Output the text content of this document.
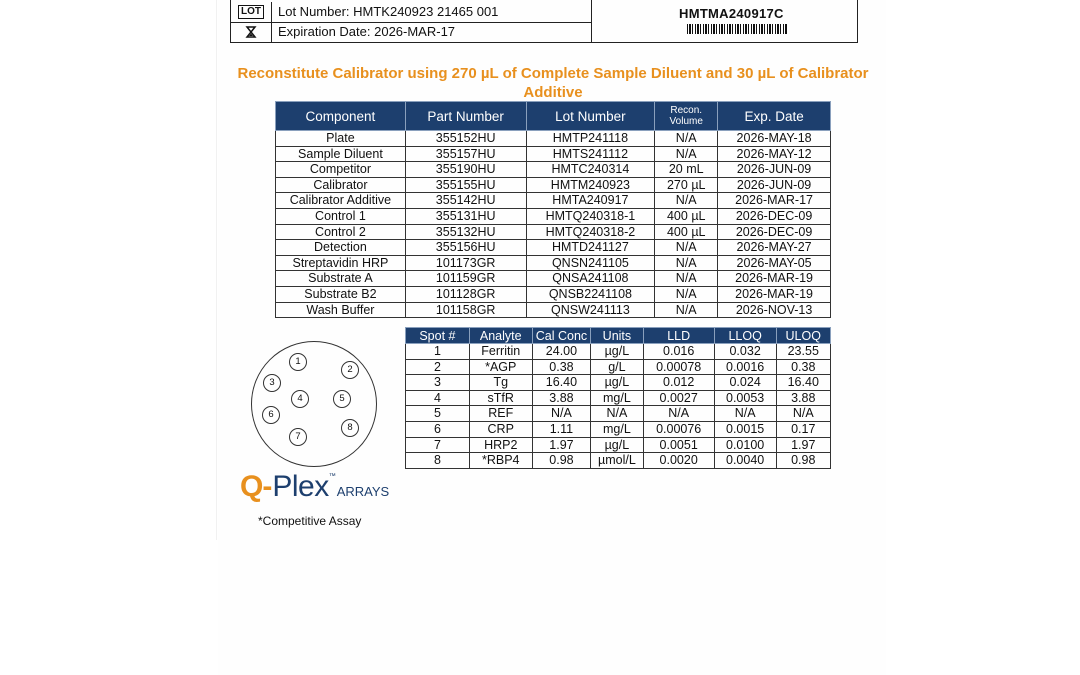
LOT Lot Number: HMTK240923 21465 001
Expiration Date: 2026-MAR-17
HMTMA240917C
Reconstitute Calibrator using 270 µL of Complete Sample Diluent and 30 µL of Calibrator Additive
Component	Part Number	Lot Number	Recon. Volume	Exp. Date
Plate	355152HU	HMTP241118	N/A	2026-MAY-18
Sample Diluent	355157HU	HMTS241112	N/A	2026-MAY-12
Competitor	355190HU	HMTC240314	20 mL	2026-JUN-09
Calibrator	355155HU	HMTM240923	270 µL	2026-JUN-09
Calibrator Additive	355142HU	HMTA240917	N/A	2026-MAR-17
Control 1	355131HU	HMTQ240318-1	400 µL	2026-DEC-09
Control 2	355132HU	HMTQ240318-2	400 µL	2026-DEC-09
Detection	355156HU	HMTD241127	N/A	2026-MAY-27
Streptavidin HRP	101173GR	QNSN241105	N/A	2026-MAY-05
Substrate A	101159GR	QNSA241108	N/A	2026-MAR-19
Substrate B2	101128GR	QNSB2241108	N/A	2026-MAR-19
Wash Buffer	101158GR	QNSW241113	N/A	2026-NOV-13
1
2
3
4	5
6
7
8
Spot #	Analyte	Cal Conc	Units	LLD	LLOQ	ULOQ
1	Ferritin	24.00	µg/L	0.016	0.032	23.55
2	*AGP	0.38	g/L	0.00078	0.0016	0.38
3	Tg	16.40	µg/L	0.012	0.024	16.40
4	sTfR	3.88	mg/L	0.0027	0.0053	3.88
5	REF	N/A	N/A	N/A	N/A	N/A
6	CRP	1.11	mg/L	0.00076	0.0015	0.17
7	HRP2	1.97	µg/L	0.0051	0.0100	1.97
8	*RBP4	0.98	µmol/L	0.0020	0.0040	0.98
Q - Plex ™
ARRAYS
*Competitive Assay
